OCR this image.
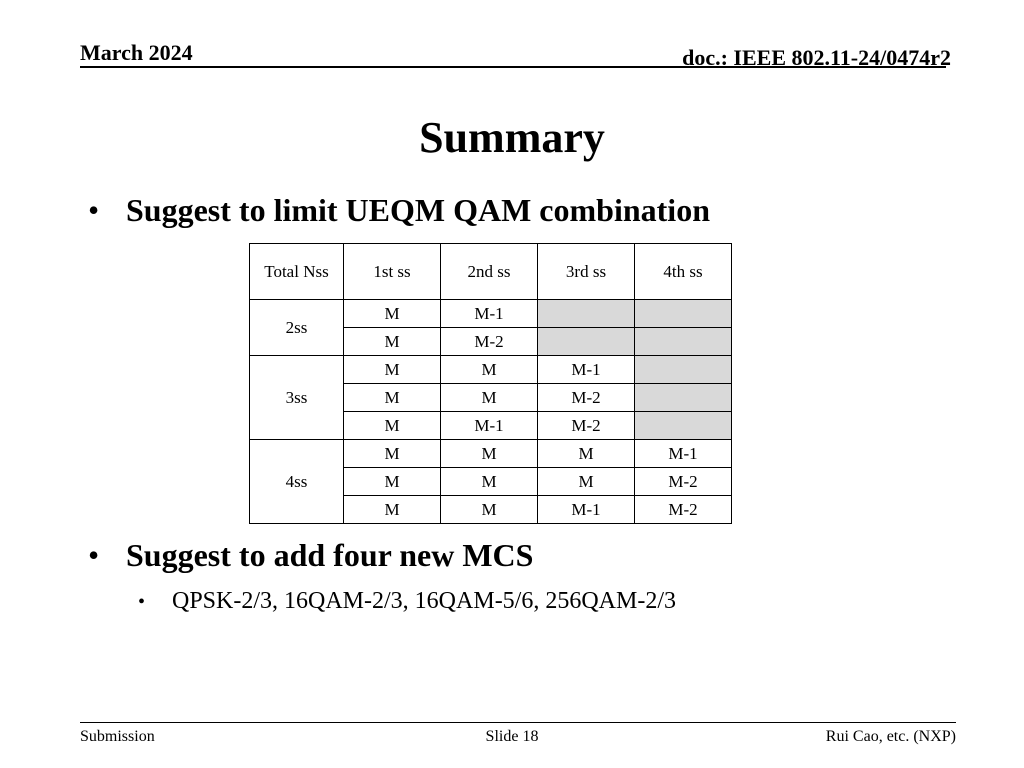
March 2024	doc.: IEEE 802.11-24/0474r2
Summary
• Suggest to limit UEQM QAM combination
Total Nss	1st ss	2nd ss	3rd ss	4th ss
2ss	M	M-1		
	M	M-2		
3ss	M	M	M-1	
	M	M	M-2	
	M	M-1	M-2	
4ss	M	M	M	M-1
	M	M	M	M-2
	M	M	M-1	M-2
• Suggest to add four new MCS
• QPSK-2/3, 16QAM-2/3, 16QAM-5/6, 256QAM-2/3
Submission	Slide 18	Rui Cao, etc. (NXP)
